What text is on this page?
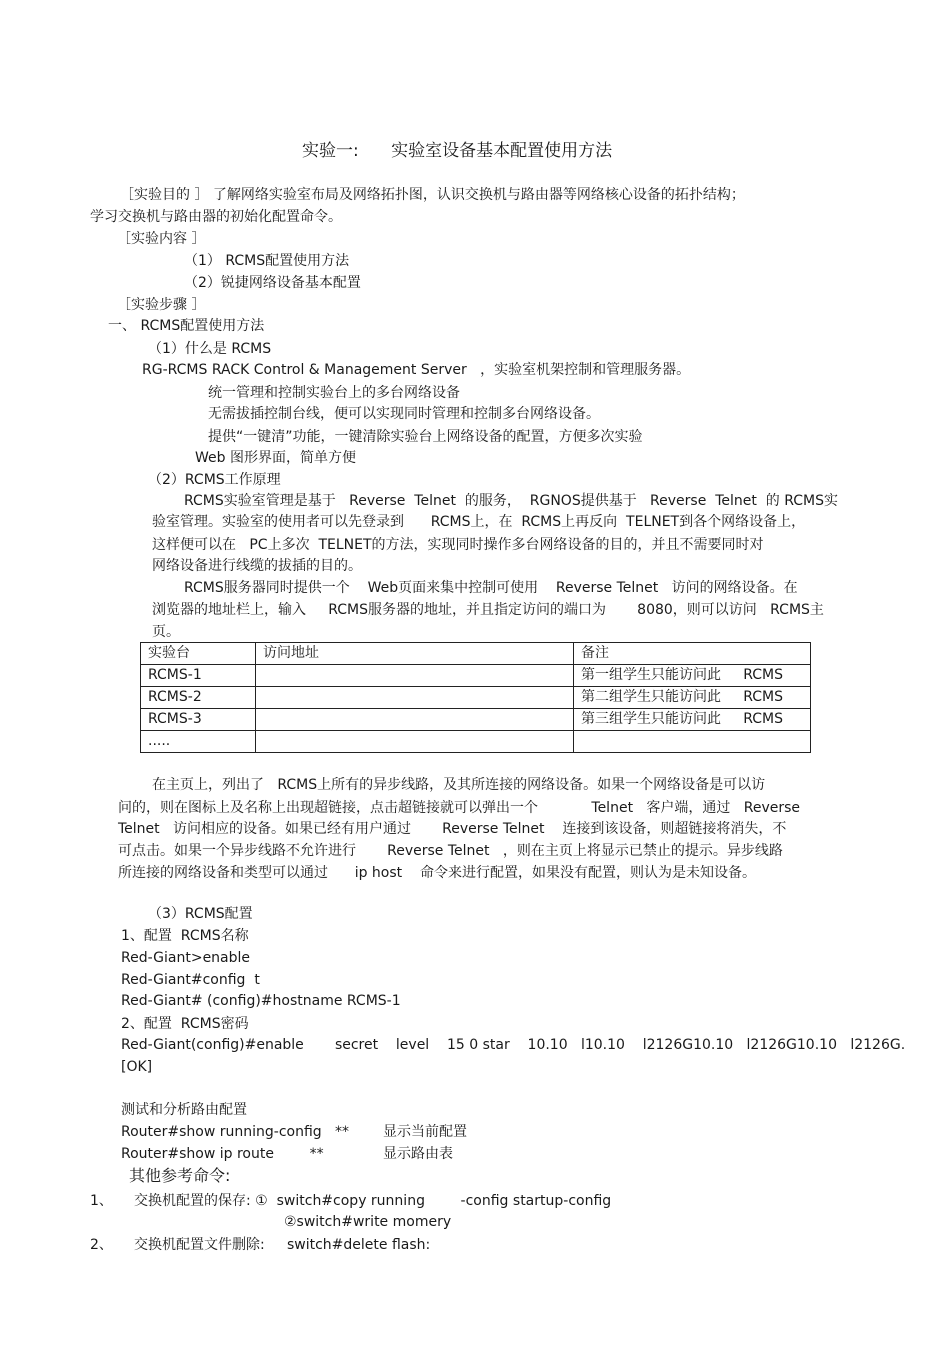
实验一:      实验室设备基本配置使用方法
［实验目的 ］ 了解网络实验室布局及网络拓扑图，认识交换机与路由器等网络核心设备的拓扑结构；
学习交换机与路由器的初始化配置命令。
［实验内容 ］
（1） RCMS配置使用方法
（2）锐捷网络设备基本配置
［实验步骤 ］
一、 RCMS配置使用方法
（1）什么是 RCMS
RG-RCMS RACK Control & Management Server   ，实验室机架控制和管理服务器。
统一管理和控制实验台上的多台网络设备
无需拔插控制台线，便可以实现同时管理和控制多台网络设备。
提供“一键清”功能，一键清除实验台上网络设备的配置，方便多次实验
Web 图形界面，简单方便
（2）RCMS工作原理
RCMS实验室管理是基于   Reverse  Telnet  的服务，  RGNOS提供基于   Reverse  Telnet  的 RCMS实
验室管理。实验室的使用者可以先登录到      RCMS上，在  RCMS上再反向  TELNET到各个网络设备上，
这样便可以在   PC上多次  TELNET的方法，实现同时操作多台网络设备的目的，并且不需要同时对
网络设备进行线缆的拔插的目的。
RCMS服务器同时提供一个    Web页面来集中控制可使用    Reverse Telnet   访问的网络设备。在
浏览器的地址栏上，输入     RCMS服务器的地址，并且指定访问的端口为       8080，则可以访问   RCMS主
页。
实验台	访问地址	备注
RCMS-1		第一组学生只能访问此     RCMS
RCMS-2		第二组学生只能访问此     RCMS
RCMS-3		第三组学生只能访问此     RCMS
.....		
在主页上，列出了   RCMS上所有的异步线路，及其所连接的网络设备。如果一个网络设备是可以访
问的，则在图标上及名称上出现超链接，点击超链接就可以弹出一个            Telnet   客户端，通过   Reverse
Telnet   访问相应的设备。如果已经有用户通过       Reverse Telnet    连接到该设备，则超链接将消失，不
可点击。如果一个异步线路不允许进行       Reverse Telnet   ，则在主页上将显示已禁止的提示。异步线路
所连接的网络设备和类型可以通过      ip host    命令来进行配置，如果没有配置，则认为是未知设备。
（3）RCMS配置
1、配置  RCMS名称
Red-Giant>enable
Red-Giant#config  t
Red-Giant# (config)#hostname RCMS-1
2、配置  RCMS密码
Red-Giant(config)#enable       secret    level    15 0 star    10.10   l10.10    l2126G10.10   l2126G10.10   l2126G.
[OK]
测试和分析路由配置
Router#show running-config   ** 显示当前配置
Router#show ip route        **	显示路由表
其他参考命令:
1、 交换机配置的保存: ①  switch#copy running        -config startup-config
②switch#write momery
2、 交换机配置文件删除:     switch#delete flash:
